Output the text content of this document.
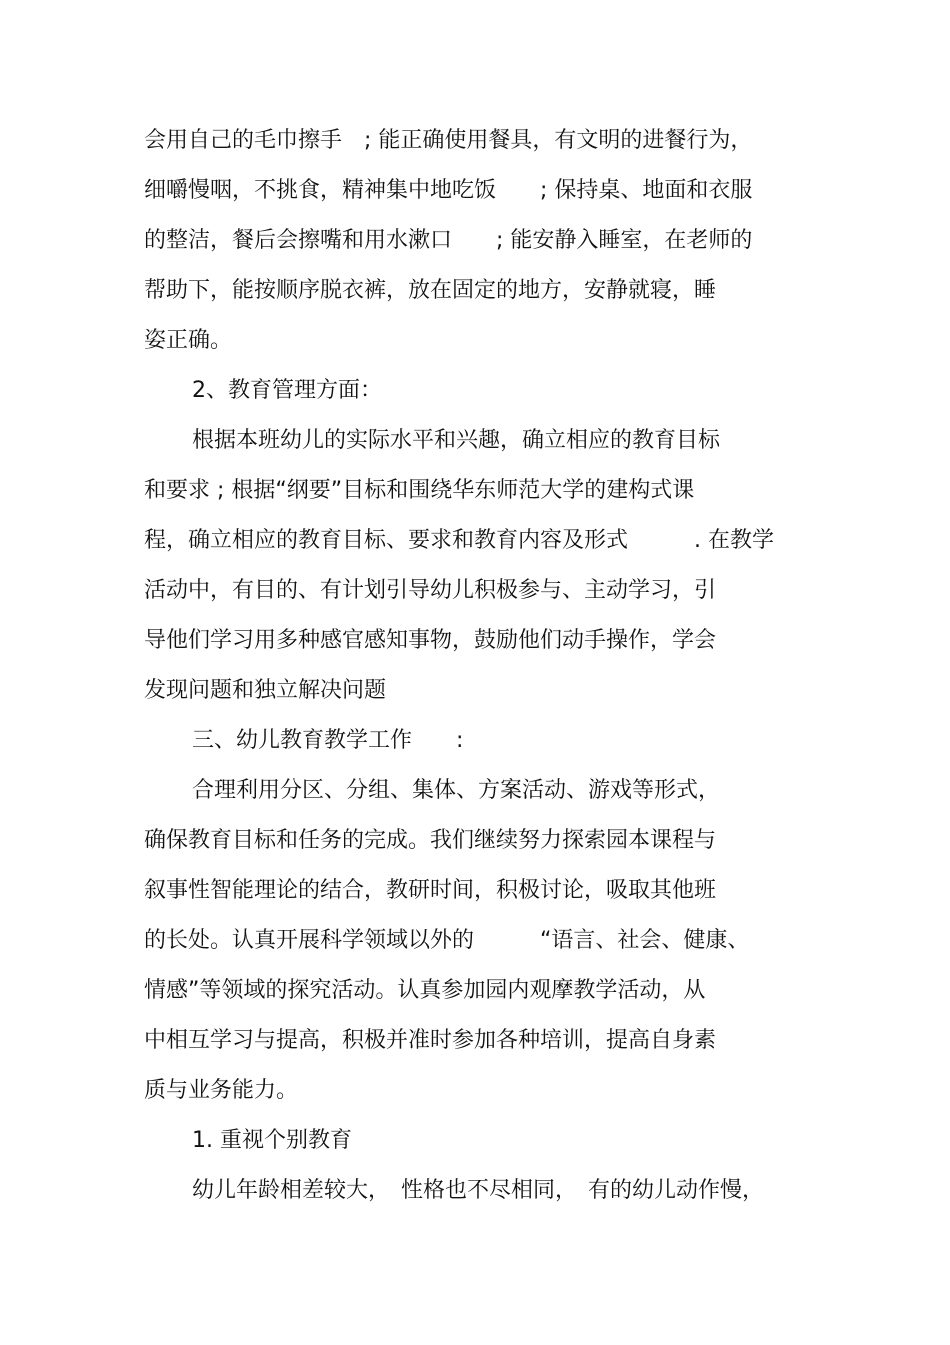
会用自己的毛巾擦手　; 能正确使用餐具，有文明的进餐行为，
细嚼慢咽，不挑食，精神集中地吃饭　　; 保持桌、地面和衣服
的整洁，餐后会擦嘴和用水漱口　　; 能安静入睡室，在老师的
帮助下，能按顺序脱衣裤，放在固定的地方，安静就寝，睡
姿正确。
2、教育管理方面：
根据本班幼儿的实际水平和兴趣，确立相应的教育目标
和要求 ; 根据“纲要”目标和围绕华东师范大学的建构式课
程，确立相应的教育目标、要求和教育内容及形式　　　. 在教学
活动中，有目的、有计划引导幼儿积极参与、主动学习，引
导他们学习用多种感官感知事物，鼓励他们动手操作，学会
发现问题和独立解决问题
三、幼儿教育教学工作　　:
合理利用分区、分组、集体、方案活动、游戏等形式，
确保教育目标和任务的完成。我们继续努力探索园本课程与
叙事性智能理论的结合，教研时间，积极讨论，吸取其他班
的长处。认真开展科学领域以外的　　　“语言、社会、健康、
情感”等领域的探究活动。认真参加园内观摩教学活动，从
中相互学习与提高，积极并准时参加各种培训，提高自身素
质与业务能力。
1. 重视个别教育
幼儿年龄相差较大，　性格也不尽相同，　有的幼儿动作慢，
